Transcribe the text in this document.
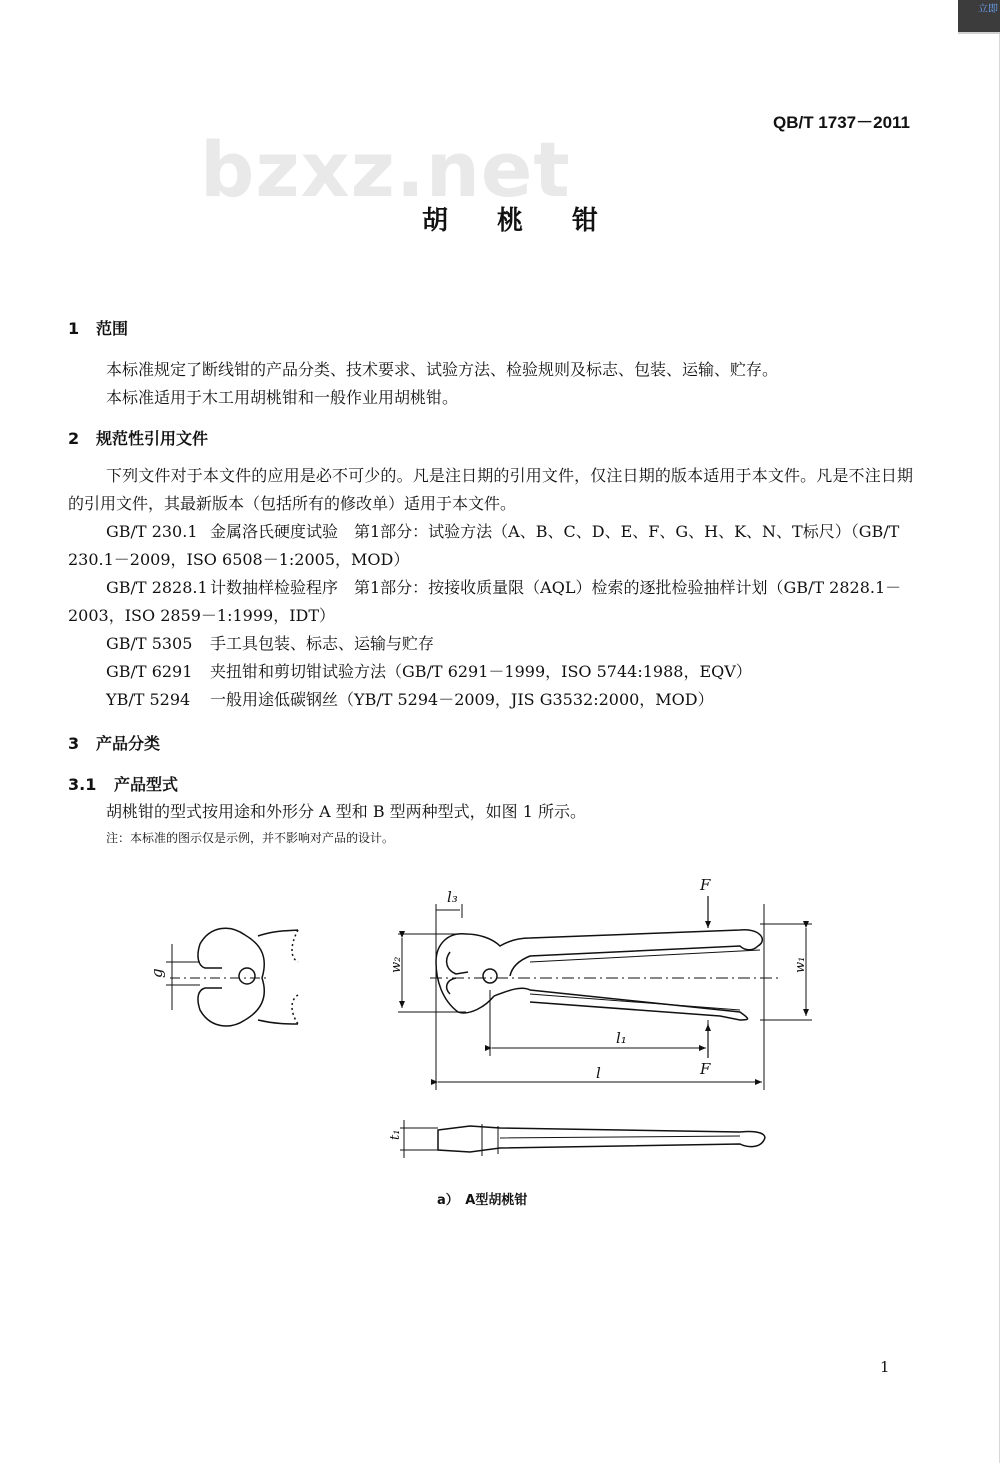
立即
QB/T 1737－2011
bzxz.net
胡 桃 钳
1 范围
本标准规定了断线钳的产品分类、技术要求、试验方法、检验规则及标志、包装、运输、贮存。
本标准适用于木工用胡桃钳和一般作业用胡桃钳。
2 规范性引用文件

下列文件对于本文件的应用是必不可少的。凡是注日期的引用文件，仅注日期的版本适用于本文件。凡是不注日期的引用文件，其最新版本（包括所有的修改单）适用于本文件。

GB/T 230.1 金属洛氏硬度试验　第1部分：试验方法（A、B、C、D、E、F、G、H、K、N、T标尺）（GB/T 230.1－2009，ISO 6508－1:2005，MOD）

GB/T 2828.1 计数抽样检验程序　第1部分：按接收质量限（AQL）检索的逐批检验抽样计划（GB/T 2828.1－2003，ISO 2859－1:1999，IDT）

GB/T 5305 手工具包装、标志、运输与贮存

GB/T 6291 夹扭钳和剪切钳试验方法（GB/T 6291－1999，ISO 5744:1988，EQV）

YB/T 5294 一般用途低碳钢丝（YB/T 5294－2009，JIS G3532:2000，MOD）

3 产品分类
3.1 产品型式
胡桃钳的型式按用途和外形分 A 型和 B 型两种型式，如图 1 所示。
注：本标准的图示仅是示例，并不影响对产品的设计。
g
l₃
F
w₂	w₁
l₁
F
l
t₁
a）　A型胡桃钳
1
